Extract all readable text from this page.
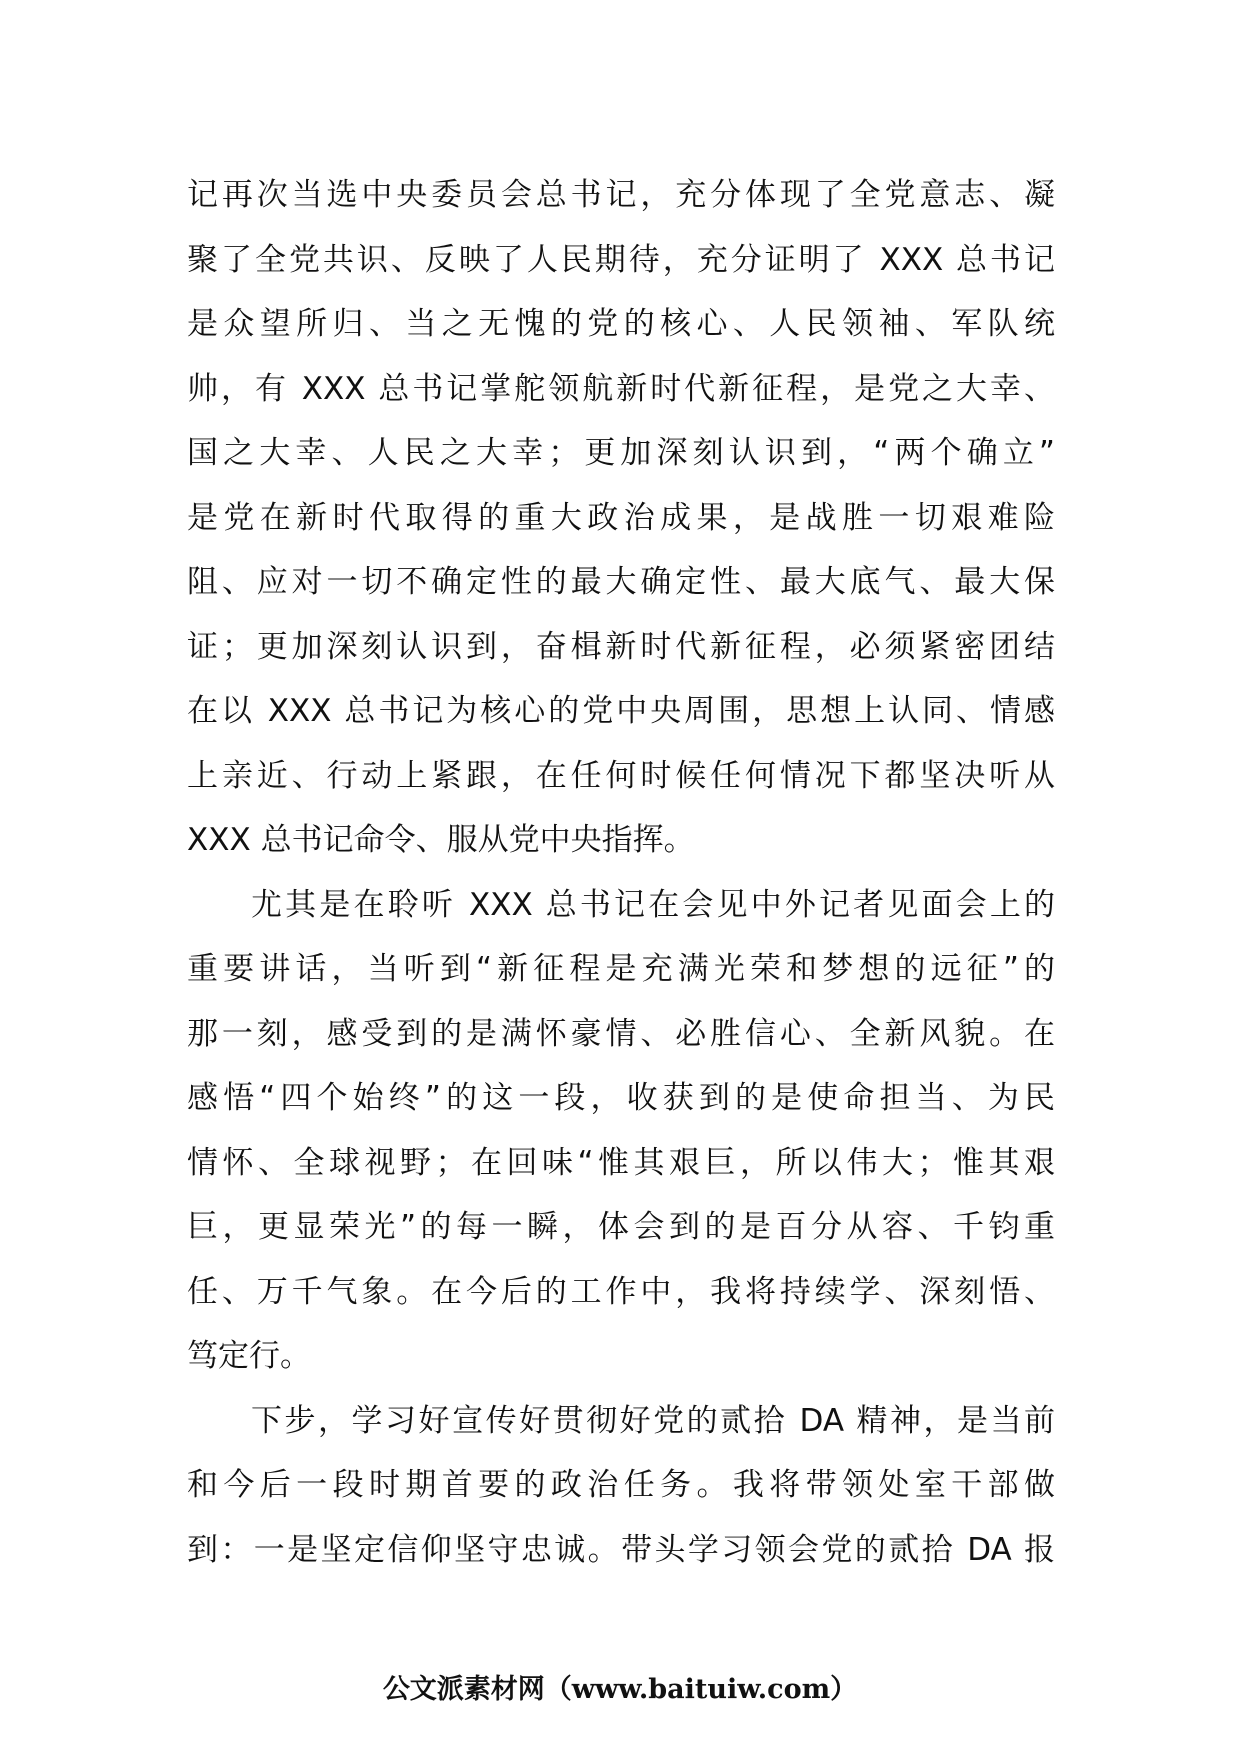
记再次当选中央委员会总书记，充分体现了全党意志、凝
聚了全党共识、反映了人民期待，充分证明了 XXX 总书记
是众望所归、当之无愧的党的核心、人民领袖、军队统
帅，有 XXX 总书记掌舵领航新时代新征程，是党之大幸、
国之大幸、人民之大幸；更加深刻认识到，“两个确立”
是党在新时代取得的重大政治成果，是战胜一切艰难险
阻、应对一切不确定性的最大确定性、最大底气、最大保
证；更加深刻认识到，奋楫新时代新征程，必须紧密团结
在以 XXX 总书记为核心的党中央周围，思想上认同、情感
上亲近、行动上紧跟，在任何时候任何情况下都坚决听从
XXX 总书记命令、服从党中央指挥。
尤其是在聆听 XXX 总书记在会见中外记者见面会上的
重要讲话，当听到“新征程是充满光荣和梦想的远征”的
那一刻，感受到的是满怀豪情、必胜信心、全新风貌。在
感悟“四个始终”的这一段，收获到的是使命担当、为民
情怀、全球视野；在回味“惟其艰巨，所以伟大；惟其艰
巨，更显荣光”的每一瞬，体会到的是百分从容、千钧重
任、万千气象。在今后的工作中，我将持续学、深刻悟、
笃定行。
下步，学习好宣传好贯彻好党的贰拾 DA 精神，是当前
和今后一段时期首要的政治任务。我将带领处室干部做
到：一是坚定信仰坚守忠诚。带头学习领会党的贰拾 DA 报
公文派素材网（www.baituiw.com）
